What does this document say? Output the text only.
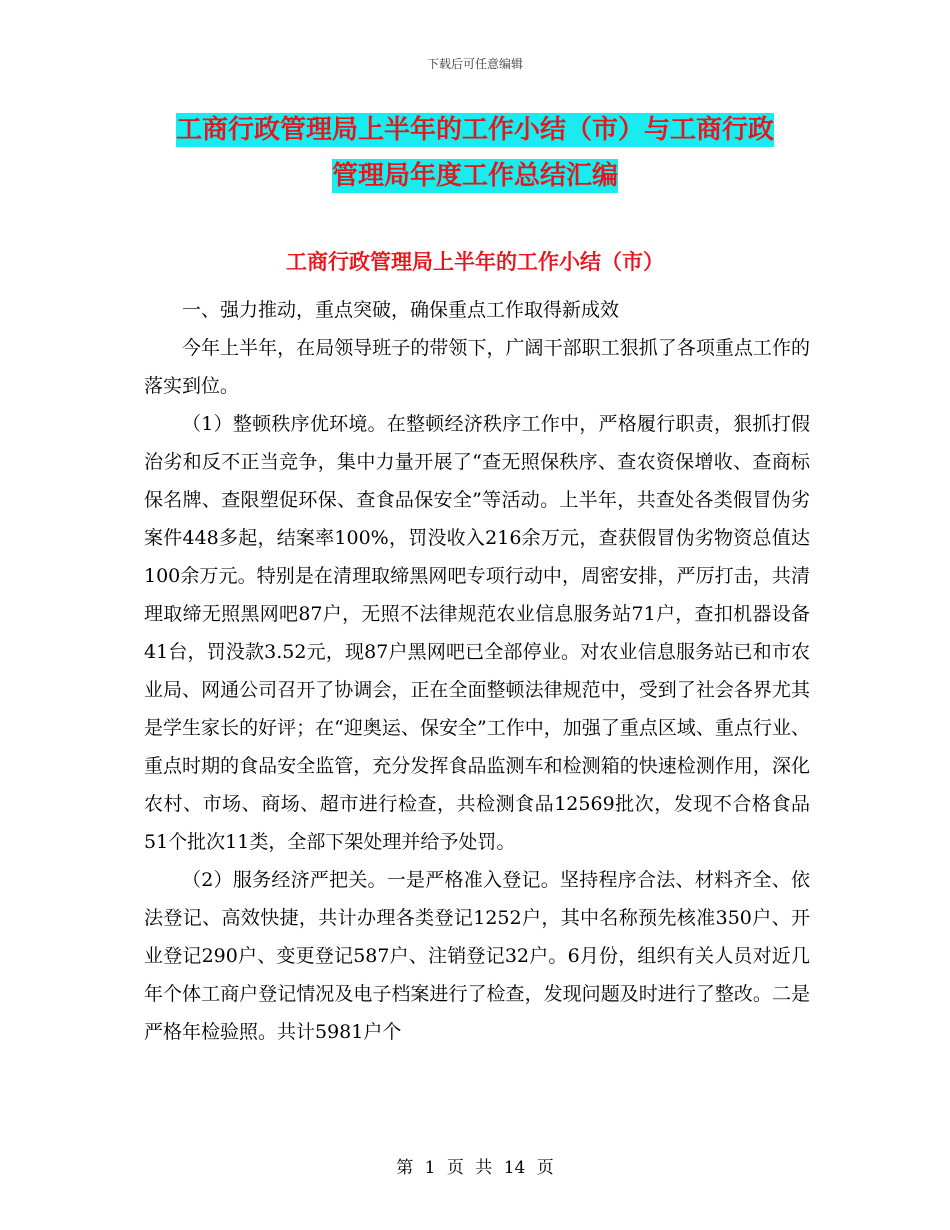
下载后可任意编辑
工商行政管理局上半年的工作小结（市）与工商行政
管理局年度工作总结汇编
工商行政管理局上半年的工作小结（市）

一、强力推动，重点突破，确保重点工作取得新成效

今年上半年，在局领导班子的带领下，广阔干部职工狠抓了各项重点工作的落实到位。

（1）整顿秩序优环境。在整顿经济秩序工作中，严格履行职责，狠抓打假治劣和反不正当竞争，集中力量开展了“查无照保秩序、查农资保增收、查商标保名牌、查限塑促环保、查食品保安全”等活动。上半年，共查处各类假冒伪劣案件448多起，结案率100%，罚没收入216余万元，查获假冒伪劣物资总值达100余万元。特别是在清理取缔黑网吧专项行动中，周密安排，严厉打击，共清理取缔无照黑网吧87户，无照不法律规范农业信息服务站71户，查扣机器设备41台，罚没款3.52元，现87户黑网吧已全部停业。对农业信息服务站已和市农业局、网通公司召开了协调会，正在全面整顿法律规范中，受到了社会各界尤其是学生家长的好评；在“迎奥运、保安全”工作中，加强了重点区域、重点行业、重点时期的食品安全监管，充分发挥食品监测车和检测箱的快速检测作用，深化农村、市场、商场、超市进行检查，共检测食品12569批次，发现不合格食品51个批次11类，全部下架处理并给予处罚。

（2）服务经济严把关。一是严格准入登记。坚持程序合法、材料齐全、依法登记、高效快捷，共计办理各类登记1252户，其中名称预先核准350户、开业登记290户、变更登记587户、注销登记32户。6月份，组织有关人员对近几年个体工商户登记情况及电子档案进行了检查，发现问题及时进行了整改。二是严格年检验照。共计5981户个

第 1 页 共 14 页
